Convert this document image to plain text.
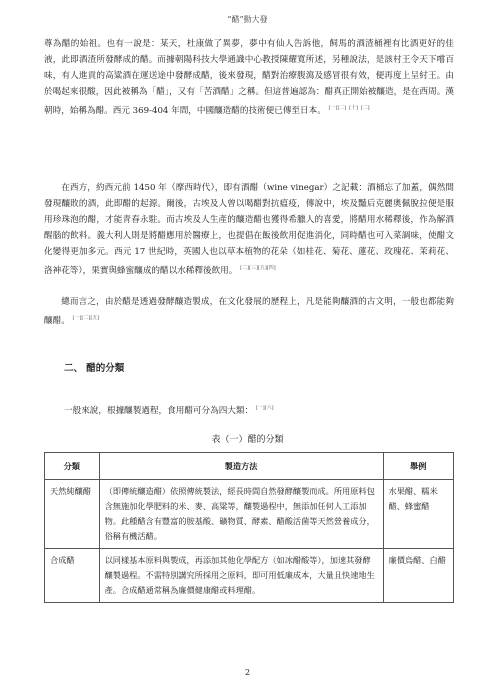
“醋”動大發

尊為醋的始祖。也有一說是：某天，杜康做了異夢，夢中有仙人告訴他，飼馬的酒渣桶裡有比酒更好的佳液，此即酒渣所發酵成的醋。而據朝陽科技大學通識中心教授陳耀寬所述，另種說法，是該村王令天下嚐百味，有人進貢的高粱酒在運送途中發酵成醋，後來發現，醋對治療腹瀉及感冒很有效，便再度上呈紂王。由於喝起來很酸，因此被稱為「醋」，又有「苦酒醋」之稱。但這普遍認為：醋真正開始被釀造，是在西周。漢朝時，始稱為醋。西元 369-404 年間，中國釀造醋的技術便已傳至日本。 [一][二] [十] [二]

在西方，約西元前 1450 年（摩西時代），即有酒醋（wine vinegar）之記載：酒桶忘了加蓋，偶然間發現釀敗的酒，此即醋的起源。爾後，古埃及人曾以喝醋對抗瘟疫，傳說中，埃及豔后克麗奧佩脫拉便是服用珍珠泡的醋，才能青春永駐。而古埃及人生產的釀造醋也獲得希臘人的喜愛，將醋用水稀釋後，作為解酒醒腦的飲料。義大利人則是將醋應用於醫療上，也提倡在飯後飲用促進消化，同時醋也可入菜調味，使醋文化變得更加多元。西元 17 世紀時，英國人也以草本植物的花朵（如桂花、菊花、蓮花、玫瑰花、茉莉花、洛神花等），果實與蜂蜜釀成的醋以水稀釋後飲用。 [二][三][五][四]

總而言之，由於醋是透過發酵釀造製成，在文化發展的歷程上，凡是能夠釀酒的古文明，一般也都能夠釀醋。 [一][二][五]

二、 醋的分類
一般來說，根據釀製過程，食用醋可分為四大類： [一][六]
表（一）醋的分類
分類	製造方法	舉例
天然純釀醋	（即傳統釀造醋）依照傳統製法，經長時間自然發酵釀製而成。所用原料包含無施加化學肥料的米、麥、高粱等，釀製過程中，無添加任何人工添加物。此種醋含有豐富的胺基酸、礦物質、酵素、醋酸活菌等天然營養成分，俗稱有機活醋。	水果醋、糯米醋、蜂蜜醋
合成醋	以同樣基本原料與製成，再添加其他化學配方（如冰醋酸等），加速其發酵釀製過程。不需特別講究所採用之原料，即可用低廉成本，大量且快速地生產。合成醋通常稱為廉價健康醋或料理醋。	廉價烏醋、白醋
2
